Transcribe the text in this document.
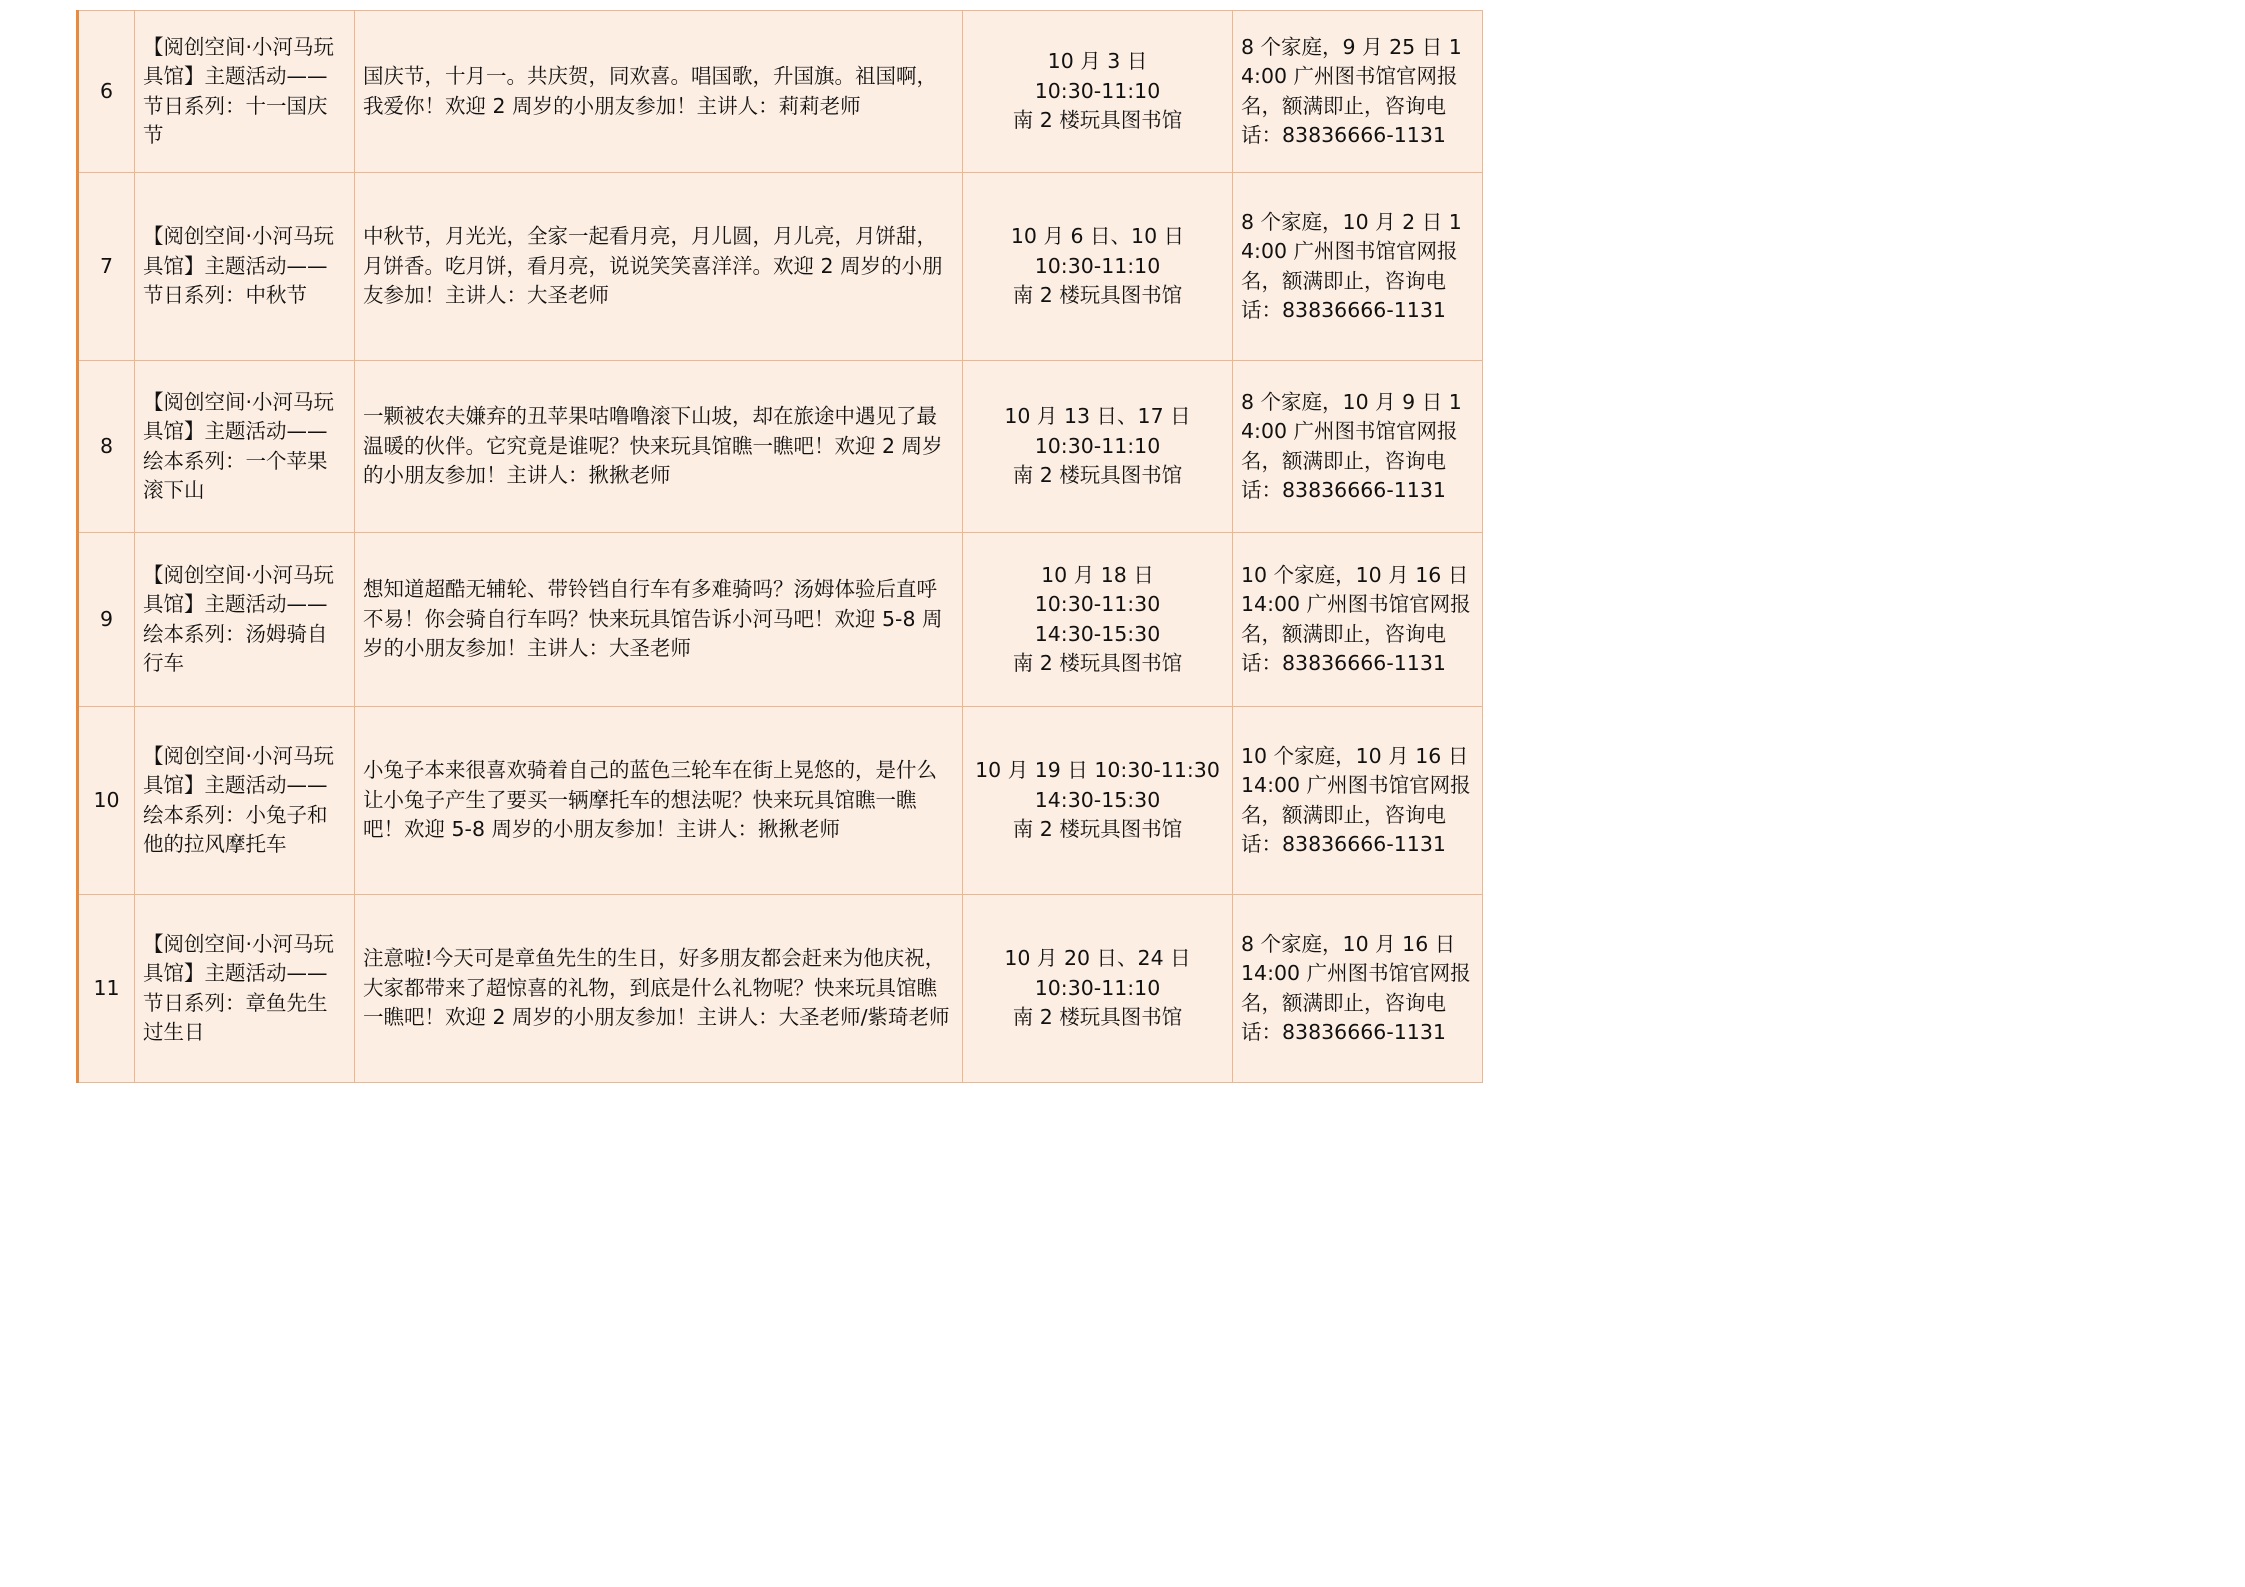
6	【阅创空间·小河马玩具馆】主题活动——节日系列：十一国庆节	国庆节，十月一。共庆贺，同欢喜。唱国歌，升国旗。祖国啊，我爱你！欢迎 2 周岁的小朋友参加！主讲人：莉莉老师	10 月 3 日
10:30-11:10
南 2 楼玩具图书馆	8 个家庭，9 月 25 日 14:00 广州图书馆官网报名，额满即止，咨询电话：83836666-1131
7	【阅创空间·小河马玩具馆】主题活动——节日系列：中秋节	中秋节，月光光，全家一起看月亮，月儿圆，月儿亮，月饼甜，月饼香。吃月饼，看月亮，说说笑笑喜洋洋。欢迎 2 周岁的小朋友参加！主讲人：大圣老师	10 月 6 日、10 日
10:30-11:10
南 2 楼玩具图书馆	8 个家庭，10 月 2 日 14:00 广州图书馆官网报名，额满即止，咨询电话：83836666-1131
8	【阅创空间·小河马玩具馆】主题活动——绘本系列：一个苹果滚下山	一颗被农夫嫌弃的丑苹果咕噜噜滚下山坡，却在旅途中遇见了最温暖的伙伴。它究竟是谁呢？快来玩具馆瞧一瞧吧！欢迎 2 周岁的小朋友参加！主讲人：揪揪老师	10 月 13 日、17 日
10:30-11:10
南 2 楼玩具图书馆	8 个家庭，10 月 9 日 14:00 广州图书馆官网报名，额满即止，咨询电话：83836666-1131
9	【阅创空间·小河马玩具馆】主题活动——绘本系列：汤姆骑自行车	想知道超酷无辅轮、带铃铛自行车有多难骑吗？汤姆体验后直呼不易！你会骑自行车吗？快来玩具馆告诉小河马吧！欢迎 5-8 周岁的小朋友参加！主讲人：大圣老师	10 月 18 日
10:30-11:30
14:30-15:30
南 2 楼玩具图书馆	10 个家庭，10 月 16 日 14:00 广州图书馆官网报名，额满即止，咨询电话：83836666-1131
10	【阅创空间·小河马玩具馆】主题活动——绘本系列：小兔子和他的拉风摩托车	小兔子本来很喜欢骑着自己的蓝色三轮车在街上晃悠的，是什么让小兔子产生了要买一辆摩托车的想法呢？快来玩具馆瞧一瞧吧！欢迎 5-8 周岁的小朋友参加！主讲人：揪揪老师	10 月 19 日 10:30-11:30
14:30-15:30
南 2 楼玩具图书馆	10 个家庭，10 月 16 日 14:00 广州图书馆官网报名，额满即止，咨询电话：83836666-1131
11	【阅创空间·小河马玩具馆】主题活动——节日系列：章鱼先生过生日	注意啦!今天可是章鱼先生的生日，好多朋友都会赶来为他庆祝， 大家都带来了超惊喜的礼物，到底是什么礼物呢？快来玩具馆瞧一瞧吧！欢迎 2 周岁的小朋友参加！主讲人：大圣老师/紫琦老师	10 月 20 日、24 日
10:30-11:10
南 2 楼玩具图书馆	8 个家庭，10 月 16 日 14:00 广州图书馆官网报名，额满即止，咨询电话：83836666-1131
